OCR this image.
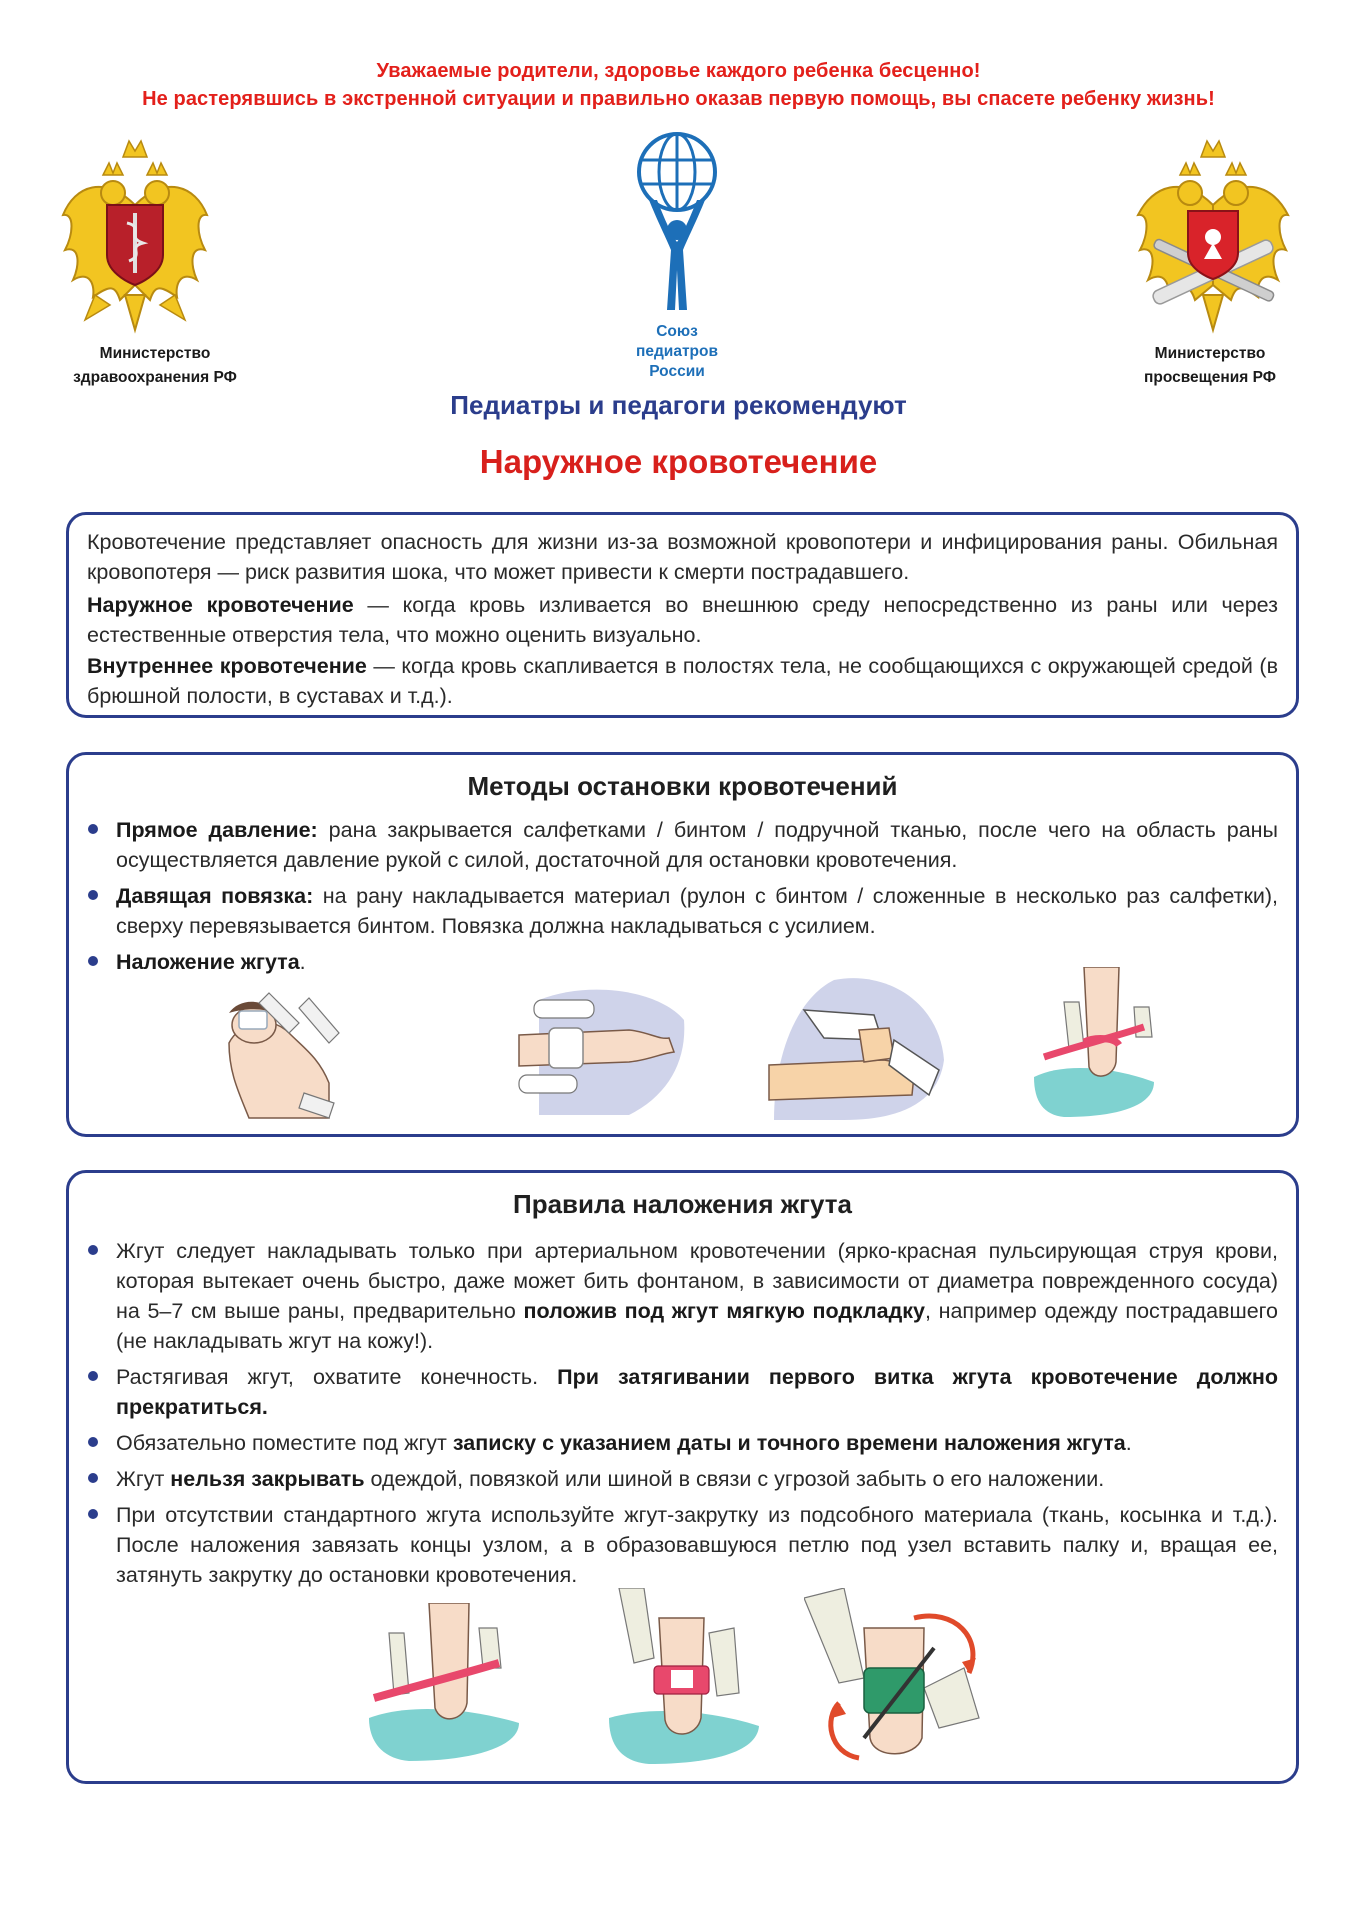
Уважаемые родители, здоровье каждого ребенка бесценно!
Не растерявшись в экстренной ситуации и правильно оказав первую помощь, вы спасете ребенку жизнь!
Министерство
здравоохранения РФ
Союз
педиатров
России
Министерство
просвещения РФ
Педиатры и педагоги рекомендуют
Наружное кровотечение
Кровотечение представляет опасность для жизни из-за возможной кровопотери и инфицирования раны. Обильная кровопотеря — риск развития шока, что может привести к смерти пострадавшего.
Наружное кровотечение — когда кровь изливается во внешнюю среду непосредственно из раны или через естественные отверстия тела, что можно оценить визуально.
Внутреннее кровотечение — когда кровь скапливается в полостях тела, не сообщающихся с окружающей средой (в брюшной полости, в суставах и т.д.).
Методы остановки кровотечений
Прямое давление: рана закрывается салфетками / бинтом / подручной тканью, после чего на область раны осуществляется давление рукой с силой, достаточной для остановки кровотечения.
Давящая повязка: на рану накладывается материал (рулон с бинтом / сложенные в несколько раз салфетки), сверху перевязывается бинтом. Повязка должна накладываться с усилием.
Наложение жгута.
Правила наложения жгута
Жгут следует накладывать только при артериальном кровотечении (ярко-красная пульсирующая струя крови, которая вытекает очень быстро, даже может бить фонтаном, в зависимости от диаметра поврежденного сосуда) на 5–7 см выше раны, предварительно положив под жгут мягкую подкладку, например одежду пострадавшего (не накладывать жгут на кожу!).
Растягивая жгут, охватите конечность. При затягивании первого витка жгута кровотечение должно прекратиться.
Обязательно поместите под жгут записку с указанием даты и точного времени наложения жгута.
Жгут нельзя закрывать одеждой, повязкой или шиной в связи с угрозой забыть о его наложении.
При отсутствии стандартного жгута используйте жгут-закрутку из подсобного материала (ткань, косынка и т.д.). После наложения завязать концы узлом, а в образовавшуюся петлю под узел вставить палку и, вращая ее, затянуть закрутку до остановки кровотечения.
